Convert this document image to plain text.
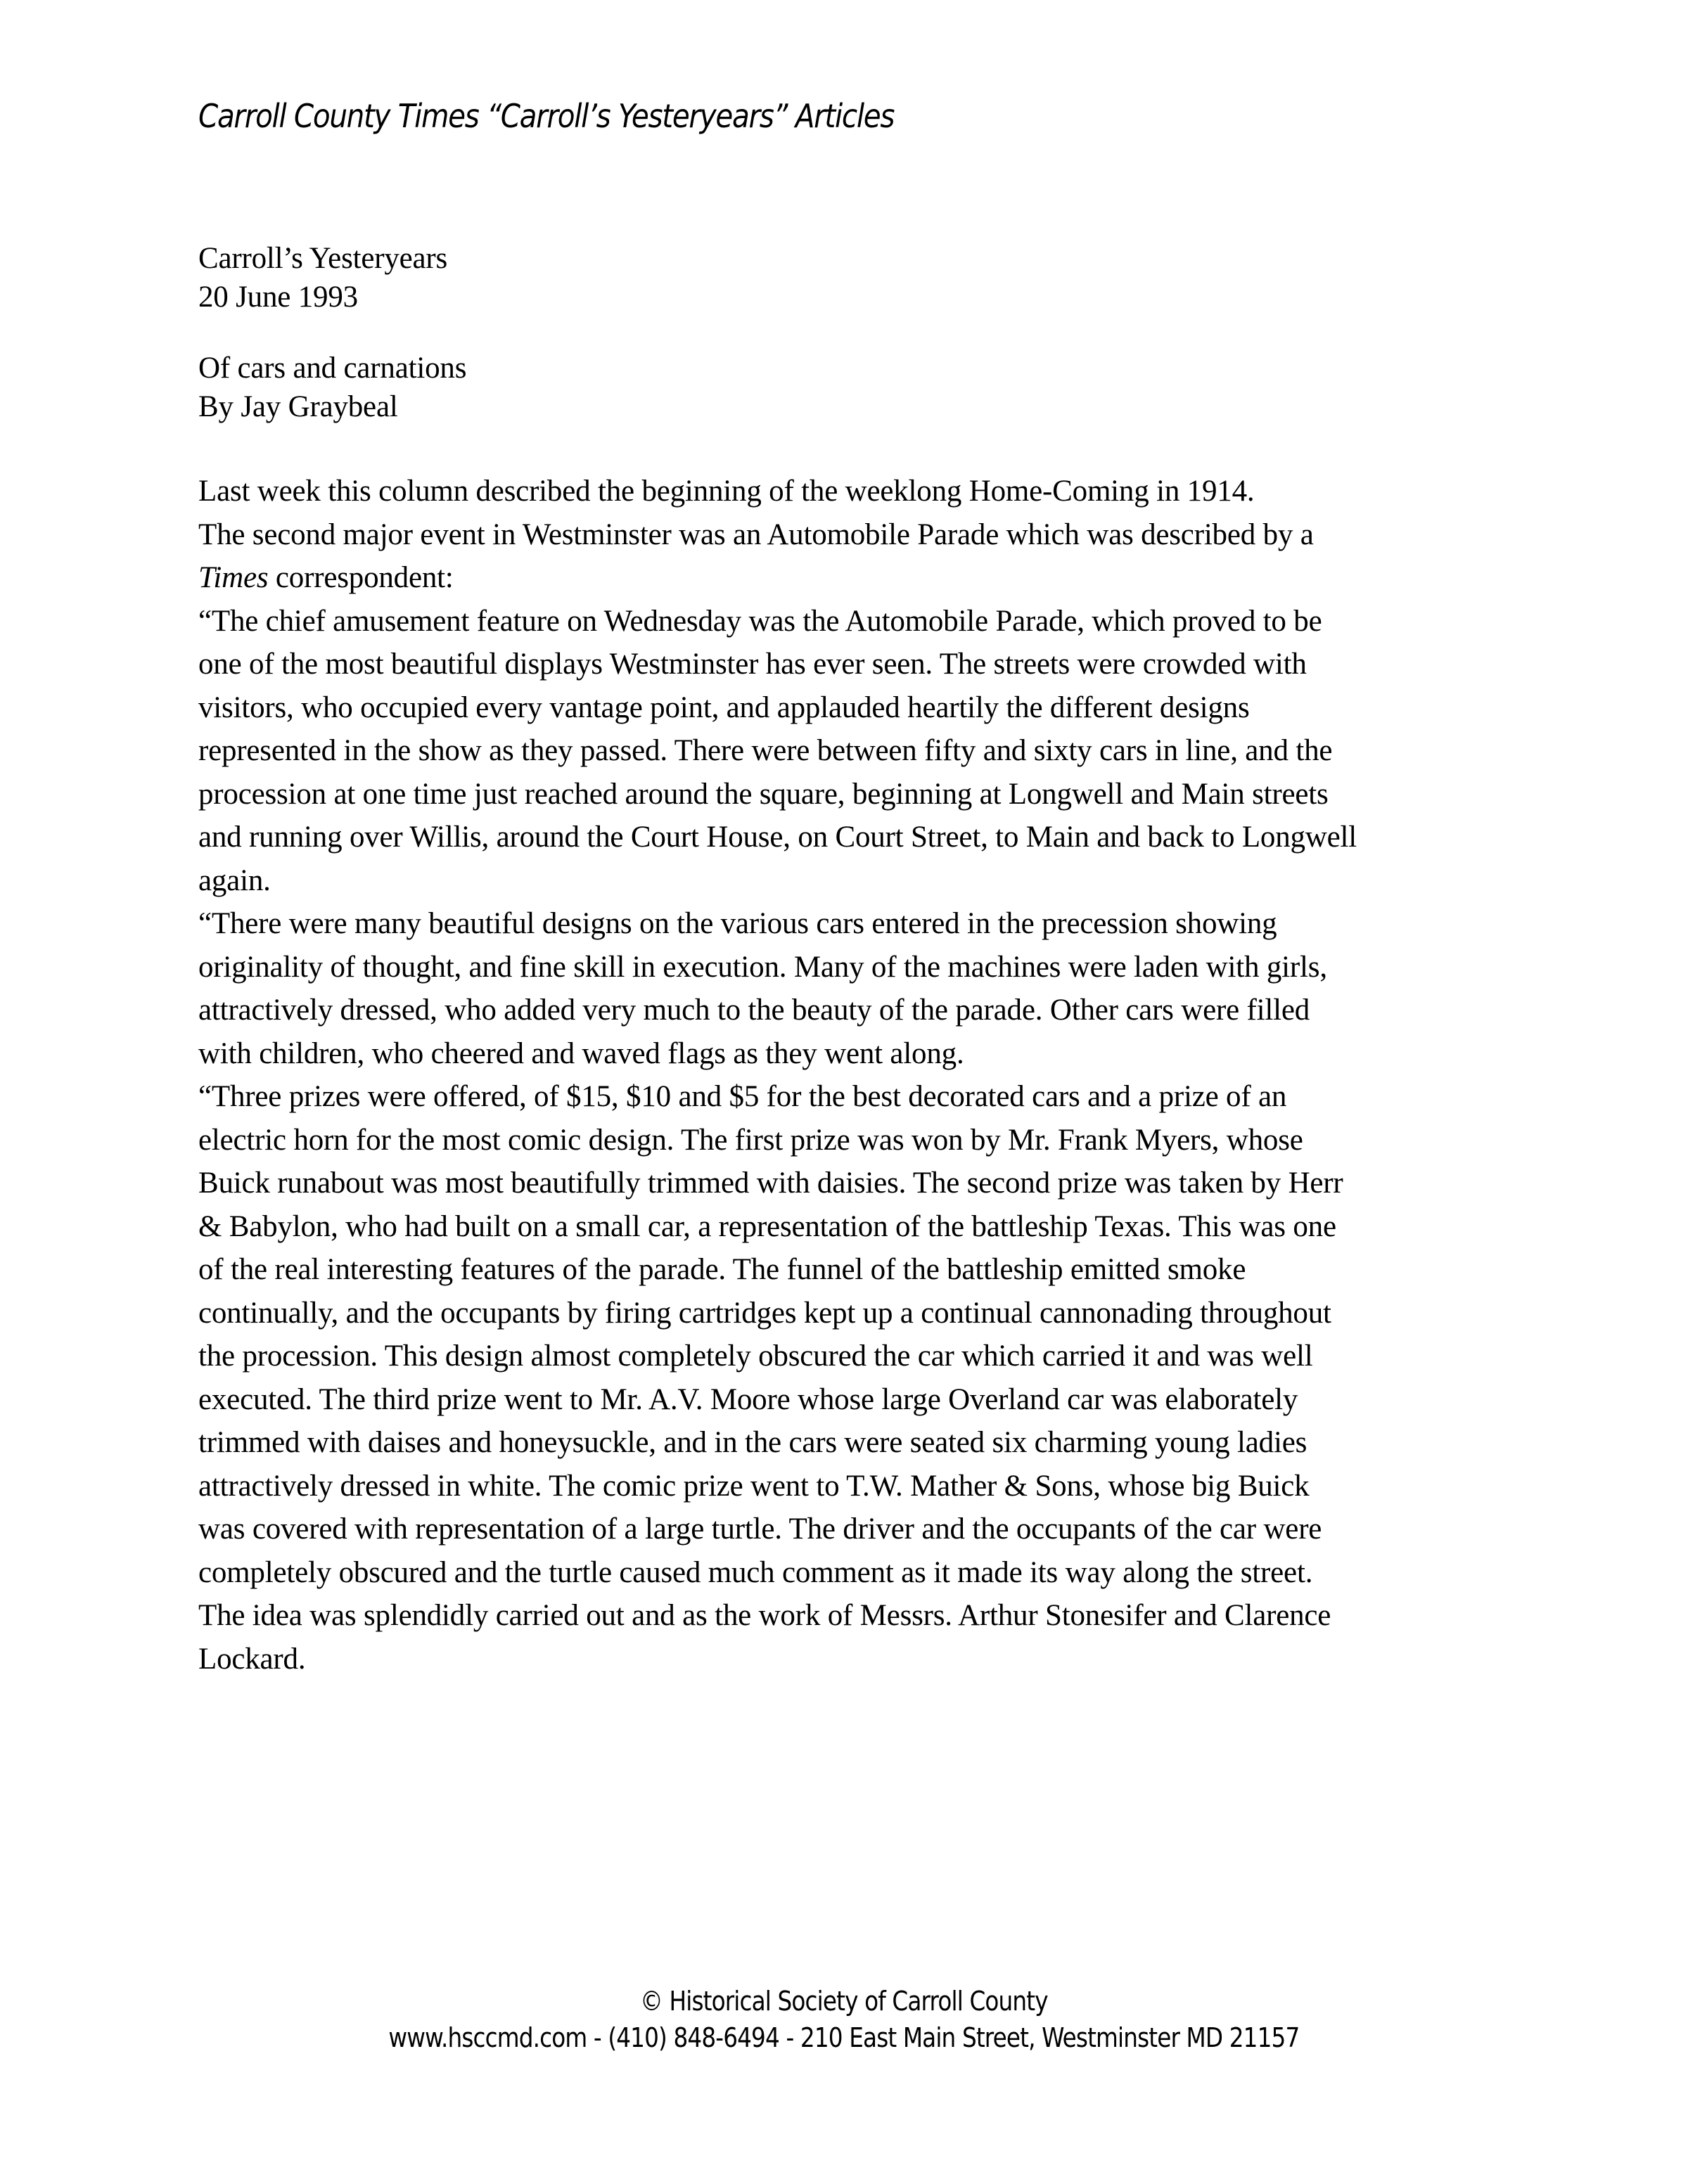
Carroll County Times “Carroll’s Yesteryears” Articles
Carroll’s Yesteryears
20 June 1993
Of cars and carnations
By Jay Graybeal

Last week this column described the beginning of the weeklong Home-Coming in 1914.

The second major event in Westminster was an Automobile Parade which was described by a
Times correspondent:

“The chief amusement feature on Wednesday was the Automobile Parade, which proved to be
one of the most beautiful displays Westminster has ever seen. The streets were crowded with
visitors, who occupied every vantage point, and applauded heartily the different designs
represented in the show as they passed. There were between fifty and sixty cars in line, and the
procession at one time just reached around the square, beginning at Longwell and Main streets
and running over Willis, around the Court House, on Court Street, to Main and back to Longwell
again.

“There were many beautiful designs on the various cars entered in the precession showing
originality of thought, and fine skill in execution. Many of the machines were laden with girls,
attractively dressed, who added very much to the beauty of the parade. Other cars were filled
with children, who cheered and waved flags as they went along.

“Three prizes were offered, of $15, $10 and $5 for the best decorated cars and a prize of an
electric horn for the most comic design. The first prize was won by Mr. Frank Myers, whose
Buick runabout was most beautifully trimmed with daisies. The second prize was taken by Herr
& Babylon, who had built on a small car, a representation of the battleship Texas. This was one
of the real interesting features of the parade. The funnel of the battleship emitted smoke
continually, and the occupants by firing cartridges kept up a continual cannonading throughout
the procession. This design almost completely obscured the car which carried it and was well
executed. The third prize went to Mr. A.V. Moore whose large Overland car was elaborately
trimmed with daises and honeysuckle, and in the cars were seated six charming young ladies
attractively dressed in white. The comic prize went to T.W. Mather & Sons, whose big Buick
was covered with representation of a large turtle. The driver and the occupants of the car were
completely obscured and the turtle caused much comment as it made its way along the street.
The idea was splendidly carried out and as the work of Messrs. Arthur Stonesifer and Clarence
Lockard.

© Historical Society of Carroll County
www.hsccmd.com - (410) 848-6494 - 210 East Main Street, Westminster MD 21157
